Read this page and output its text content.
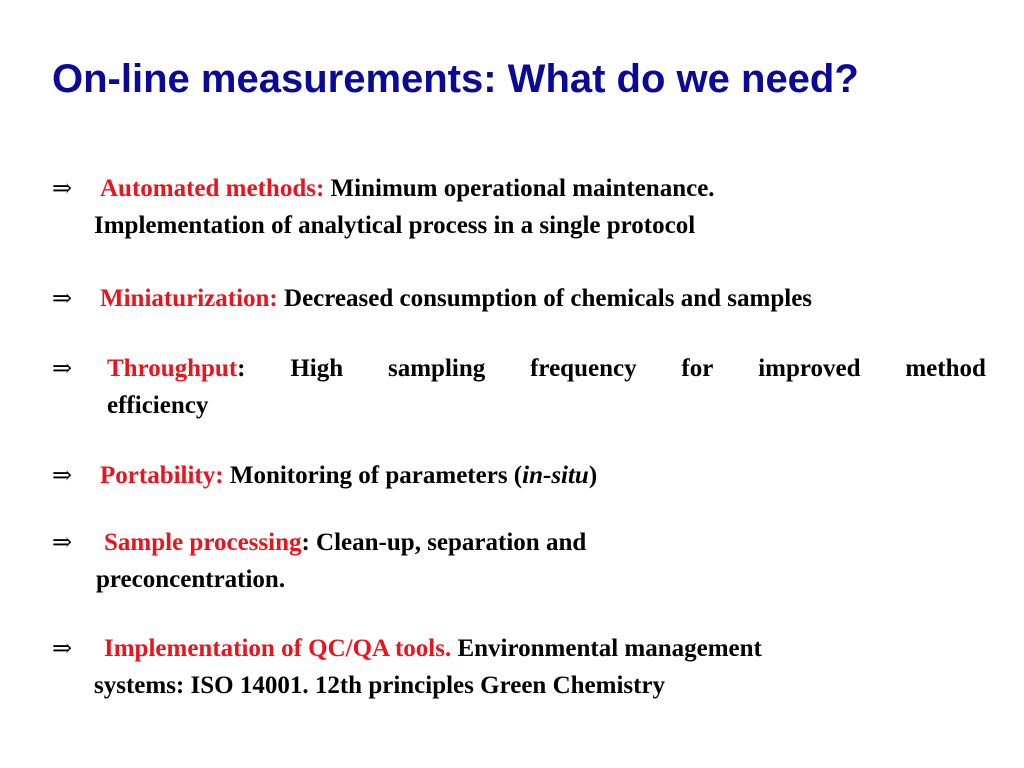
On-line measurements: What do we need?
⇒	Automated methods: Minimum operational maintenance.
Implementation of analytical process in a single protocol
⇒	Miniaturization: Decreased consumption of chemicals and samples
⇒ Throughput: High sampling frequency for improved method
efficiency
⇒	Portability: Monitoring of parameters (in-situ)
⇒	Sample processing: Clean-up, separation and
preconcentration.
⇒	Implementation of QC/QA tools. Environmental management
systems: ISO 14001. 12th principles Green Chemistry
